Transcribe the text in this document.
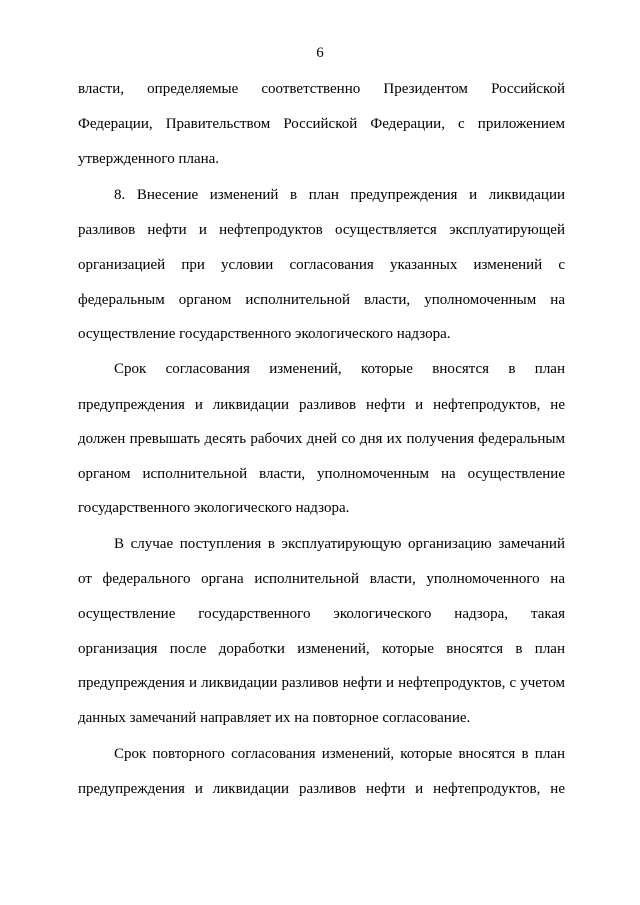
6
власти, определяемые соответственно Президентом Российской
Федерации, Правительством Российской Федерации, с приложением
утвержденного плана.
8. Внесение изменений в план предупреждения и ликвидации
разливов нефти и нефтепродуктов осуществляется эксплуатирующей
организацией при условии согласования указанных изменений с
федеральным органом исполнительной власти, уполномоченным на
осуществление государственного экологического надзора.
Срок согласования изменений, которые вносятся в план
предупреждения и ликвидации разливов нефти и нефтепродуктов, не
должен превышать десять рабочих дней со дня их получения федеральным
органом исполнительной власти, уполномоченным на осуществление
государственного экологического надзора.
В случае поступления в эксплуатирующую организацию замечаний
от федерального органа исполнительной власти, уполномоченного на
осуществление государственного экологического надзора, такая
организация после доработки изменений, которые вносятся в план
предупреждения и ликвидации разливов нефти и нефтепродуктов, с учетом
данных замечаний направляет их на повторное согласование.
Срок повторного согласования изменений, которые вносятся в план
предупреждения и ликвидации разливов нефти и нефтепродуктов, не
